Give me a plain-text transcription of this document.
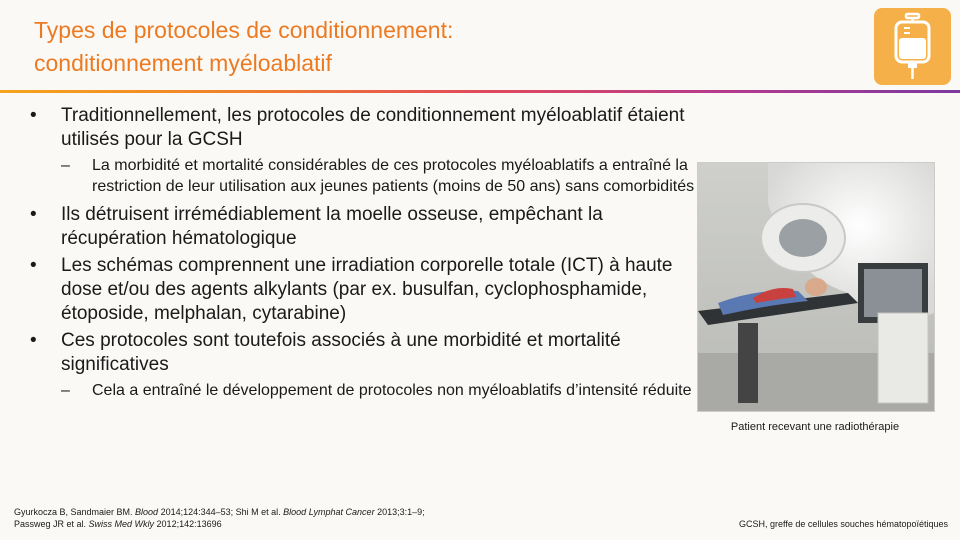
Types de protocoles de conditionnement:
conditionnement myéloablatif
•	Traditionnellement, les protocoles de conditionnement myéloablatif étaient utilisés pour la GCSH
– La morbidité et mortalité considérables de ces protocoles myéloablatifs a entraîné la restriction de leur utilisation aux jeunes patients (moins de 50 ans) sans comorbidités
•	Ils détruisent irrémédiablement la moelle osseuse, empêchant la récupération hématologique
•	Les schémas comprennent une irradiation corporelle totale (ICT) à haute dose et/ou des agents alkylants (par ex. busulfan, cyclophosphamide, étoposide, melphalan, cytarabine)
•	Ces protocoles sont toutefois associés à une morbidité et mortalité significatives
– Cela a entraîné le développement de protocoles non myéloablatifs d’intensité réduite
Patient recevant une radiothérapie
Gyurkocza B, Sandmaier BM. Blood 2014;124:344–53; Shi M et al. Blood Lymphat Cancer 2013;3:1–9;
Passweg JR et al. Swiss Med Wkly 2012;142:13696	GCSH, greffe de cellules souches hématopoïétiques
